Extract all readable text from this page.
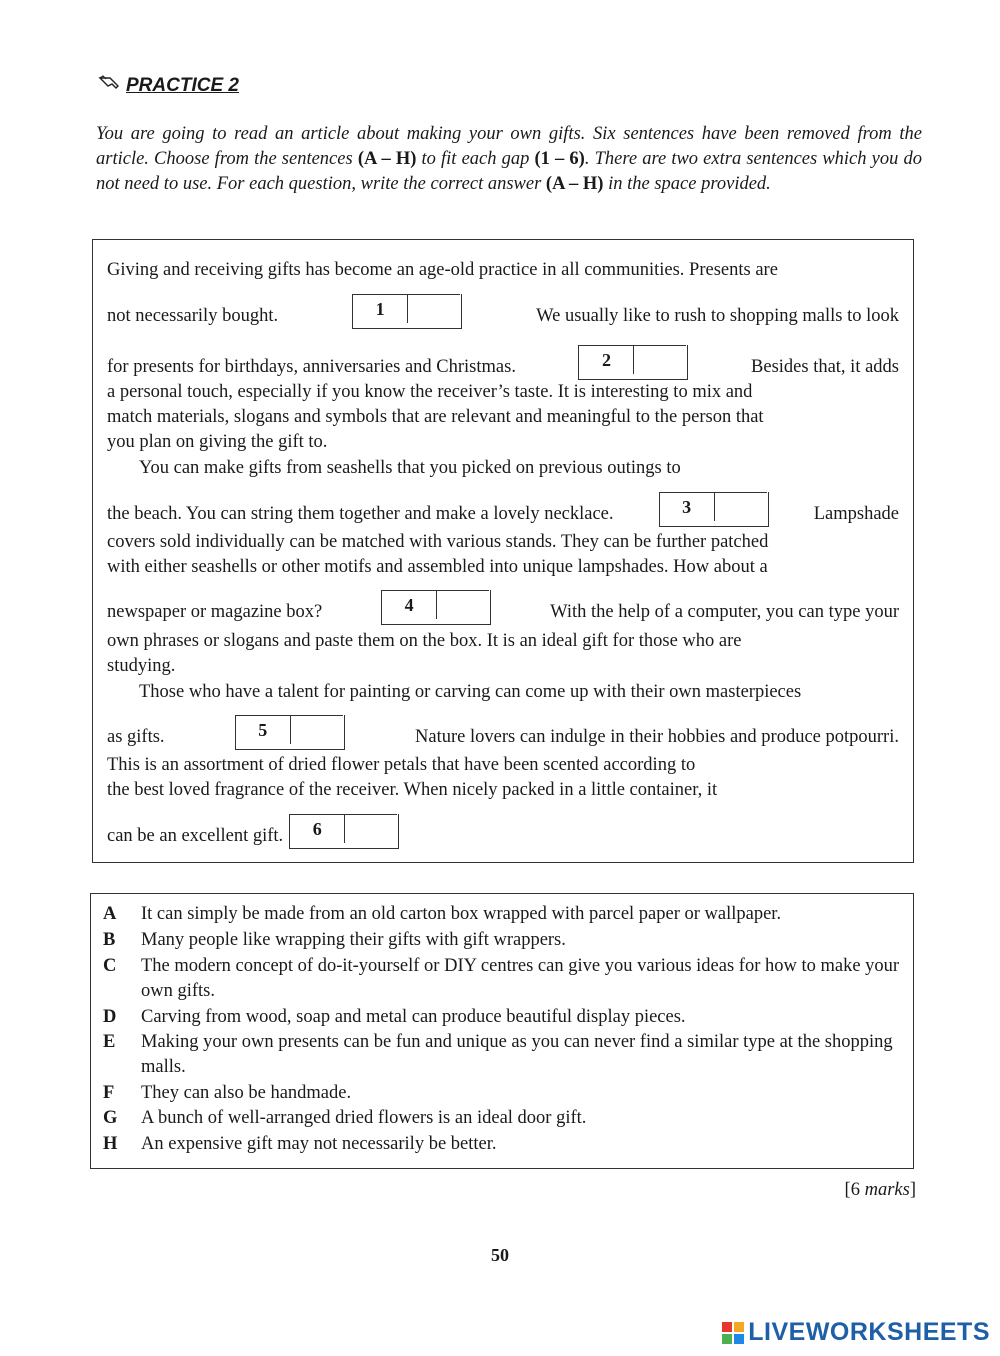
PRACTICE 2
You are going to read an article about making your own gifts. Six sentences have been removed from the article. Choose from the sentences (A – H) to fit each gap (1 – 6). There are two extra sentences which you do not need to use. For each question, write the correct answer (A – H) in the space provided.
Giving and receiving gifts has become an age-old practice in all communities. Presents are
not necessarily bought.	1	We usually like to rush to shopping malls to look
for presents for birthdays, anniversaries and Christmas.	2	Besides that, it adds
a personal touch, especially if you know the receiver’s taste. It is interesting to mix and
match materials, slogans and symbols that are relevant and meaningful to the person that
you plan on giving the gift to.
You can make gifts from seashells that you picked on previous outings to
the beach. You can string them together and make a lovely necklace.	3	Lampshade
covers sold individually can be matched with various stands. They can be further patched
with either seashells or other motifs and assembled into unique lampshades. How about a
newspaper or magazine box?	4	With the help of a computer, you can type your
own phrases or slogans and paste them on the box. It is an ideal gift for those who are
studying.
Those who have a talent for painting or carving can come up with their own masterpieces
as gifts.	5	Nature lovers can indulge in their hobbies and produce potpourri.
This is an assortment of dried flower petals that have been scented according to
the best loved fragrance of the receiver. When nicely packed in a little container, it
can be an excellent gift.	6
A It can simply be made from an old carton box wrapped with parcel paper or wallpaper.
B Many people like wrapping their gifts with gift wrappers.
C The modern concept of do-it-yourself or DIY centres can give you various ideas for how to make your own gifts.
D Carving from wood, soap and metal can produce beautiful display pieces.
E Making your own presents can be fun and unique as you can never find a similar type at the shopping malls.
F They can also be handmade.
G A bunch of well-arranged dried flowers is an ideal door gift.
H An expensive gift may not necessarily be better.
[6 marks]
50
LIVEWORKSHEETS
